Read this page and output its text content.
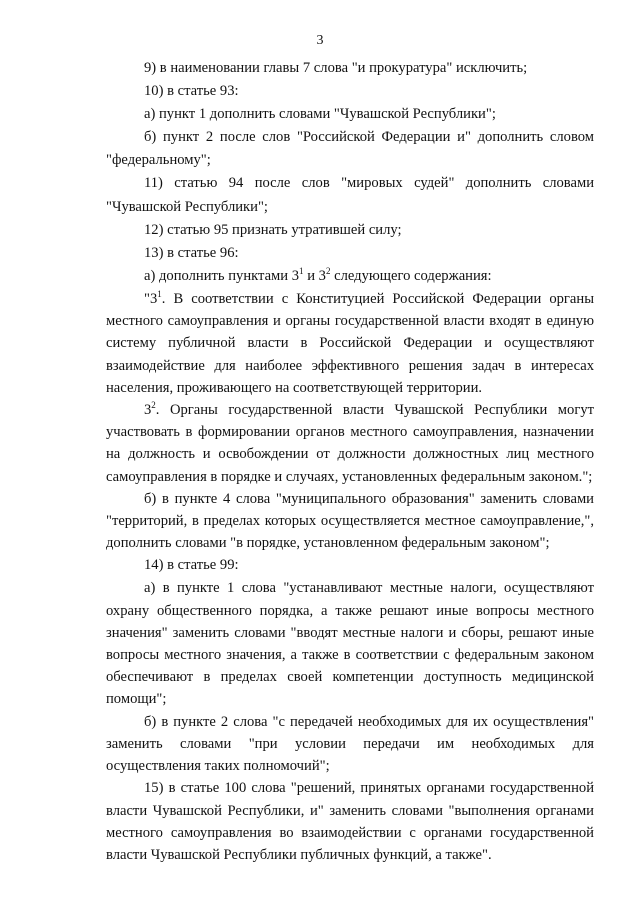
3

9) в наименовании главы 7 слова "и прокуратура" исключить;

10) в статье 93:

а) пункт 1 дополнить словами "Чувашской Республики";

б) пункт 2 после слов "Российской Федерации и" дополнить словом "федеральному";

11) статью 94 после слов "мировых судей" дополнить словами "Чувашской Республики";

12) статью 95 признать утратившей силу;

13) в статье 96:

а) дополнить пунктами $3^1$ и $3^2$ следующего содержания:

"$3^1$. В соответствии с Конституцией Российской Федерации органы местного самоуправления и органы государственной власти входят в единую систему публичной власти в Российской Федерации и осуществляют взаимодействие для наиболее эффективного решения задач в интересах населения, проживающего на соответствующей территории.

$3^2$. Органы государственной власти Чувашской Республики могут участвовать в формировании органов местного самоуправления, назначении на должность и освобождении от должности должностных лиц местного самоуправления в порядке и случаях, установленных федеральным законом.";

б) в пункте 4 слова "муниципального образования" заменить словами "территорий, в пределах которых осуществляется местное самоуправление,", дополнить словами "в порядке, установленном федеральным законом";

14) в статье 99:

а) в пункте 1 слова "устанавливают местные налоги, осуществляют охрану общественного порядка, а также решают иные вопросы местного значения" заменить словами "вводят местные налоги и сборы, решают иные вопросы местного значения, а также в соответствии с федеральным законом обеспечивают в пределах своей компетенции доступность медицинской помощи";

б) в пункте 2 слова "с передачей необходимых для их осуществления" заменить словами "при условии передачи им необходимых для осуществления таких полномочий";

15) в статье 100 слова "решений, принятых органами государственной власти Чувашской Республики, и" заменить словами "выполнения органами местного самоуправления во взаимодействии с органами государственной власти Чувашской Республики публичных функций, а также".
